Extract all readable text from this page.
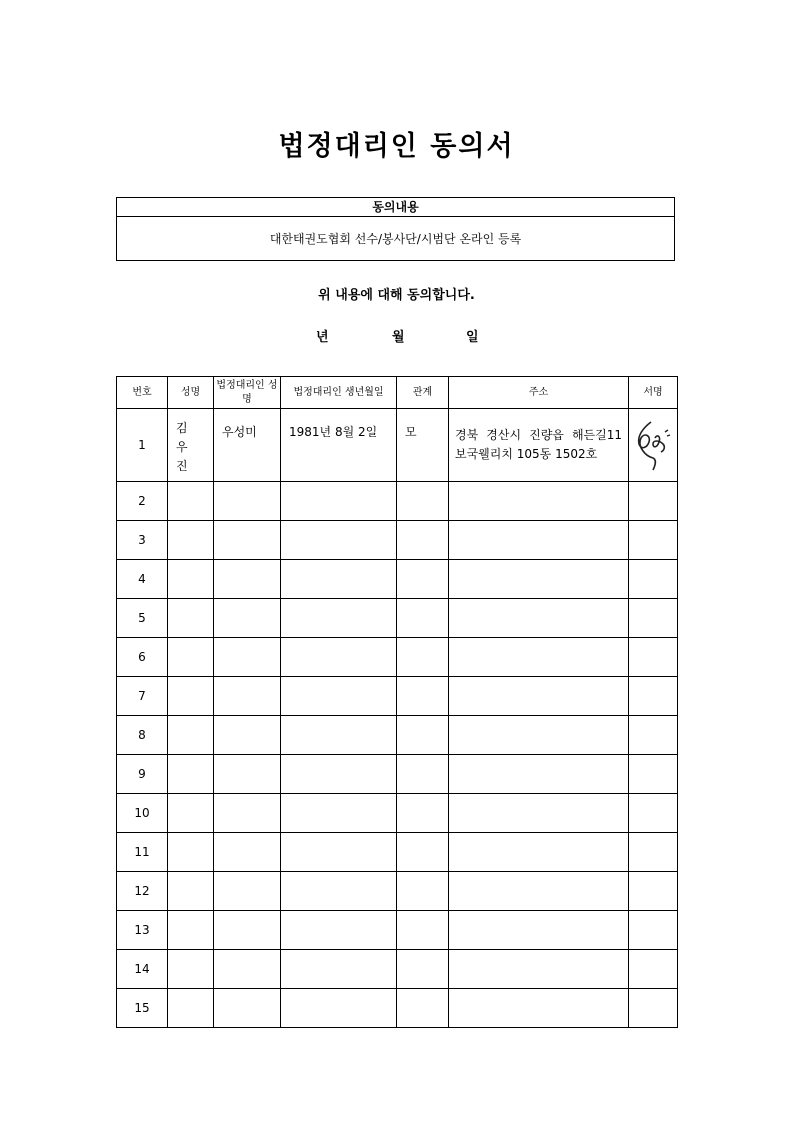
법정대리인 동의서
동의내용
대한태권도협회 선수/봉사단/시범단 온라인 등록
위 내용에 대해 동의합니다.
년	월	일
번호	성명	법정대리인 성명	법정대리인 생년월일	관계	주소	서명
1	김우진	우성미	1981년 8월 2일	모	경북 경산시 진량읍 해든길11 보국웰리치 105동 1502호	

2						
3						
4						
5						
6						
7						
8						
9						
10						
11						
12						
13						
14						
15						
